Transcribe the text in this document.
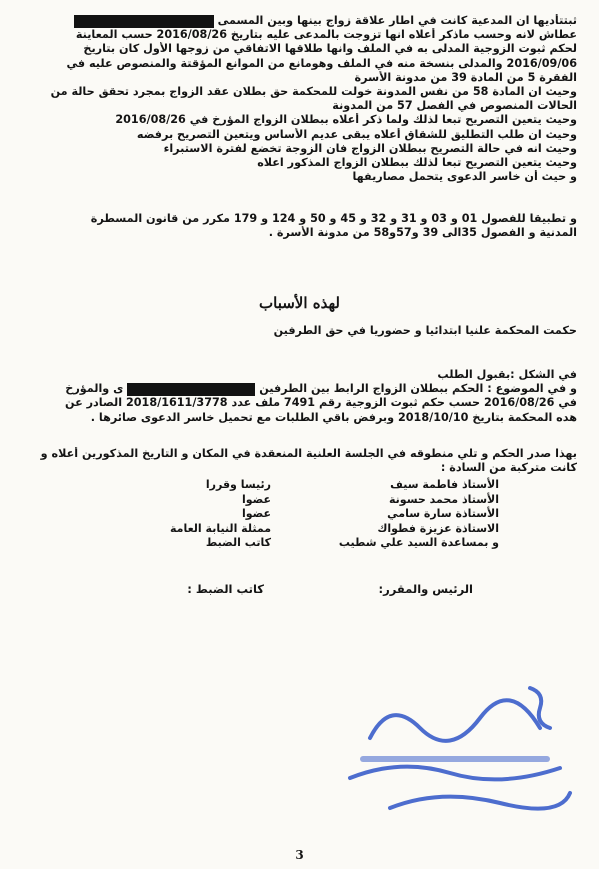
ثبتتأديها ان المدعية كانت في اطار علاقة زواج بينها وبين المسمى
عطاش لانه وحسب ماذكر أعلاه انها تزوجت بالمدعى عليه بتاريخ 2016/08/26 حسب المعاينة
لحكم ثبوت الزوجية المدلى به في الملف وانها طلاقها الاتفاقي من زوجها الأول كان بتاريخ
2016/09/06 والمدلى بنسخة منه في الملف وهومانع من الموانع المؤقتة والمنصوص عليه في
الفقرة 5 من المادة 39 من مدونة الأسرة
وحيث ان المادة 58 من نفس المدونة خولت للمحكمة حق بطلان عقد الزواج بمجرد تحقق حالة من
الحالات المنصوص في الفصل 57 من المدونة
وحيث يتعين التصريح تبعا لذلك ولما ذكر أعلاه ببطلان الزواج المؤرخ في 2016/08/26
وحيث ان طلب التطليق للشقاق أعلاه يبقى عديم الأساس ويتعين التصريح برفضه
وحيث انه في حالة التصريح ببطلان الزواج فان الزوجة تخضع لفترة الاستبراء
وحيث يتعين التصريح تبعا لذلك ببطلان الزواج المذكور اعلاه
و حيث أن خاسر الدعوى يتحمل مصاريفها
و تطبيقا للفصول 01 و 03 و 31 و 32 و 45 و 50 و 124 و 179 مكرر من قانون المسطرة
المدنية و الفصول 35الى 39 و57و58 من مدونة الأسرة .
لهذه الأسباب
حكمت المحكمة علنيا ابتدائيا و حضوريا في حق الطرفين
في الشكل :بقبول الطلب
و في الموضوع : الحكم ببطلان الزواج الرابط بين الطرفين  ى والمؤرخ
في 2016/08/26 حسب حكم ثبوت الزوجية رقم 7491 ملف عدد 2018/1611/3778 الصادر عن
هده المحكمة بتاريخ 2018/10/10 وبرفض باقي الطلبات مع تحميل خاسر الدعوى صائرها .
بهذا صدر الحكم و تلي منطوقه في الجلسة العلنية المنعقدة في المكان و التاريخ المذكورين أعلاه و
كانت متركبة من السادة :
الأستاذ فاطمة سيف
الأستاذ محمد حسونة
الأستاذة سارة سامي
الاستاذة عزيزة فطواك
و بمساعدة السيد علي شطيب
رئيسا وقررا
عضوا
عضوا
ممثلة النيابة العامة
كاتب الضبط
الرئيس والمقرر:
كاتب الضبط :
3
